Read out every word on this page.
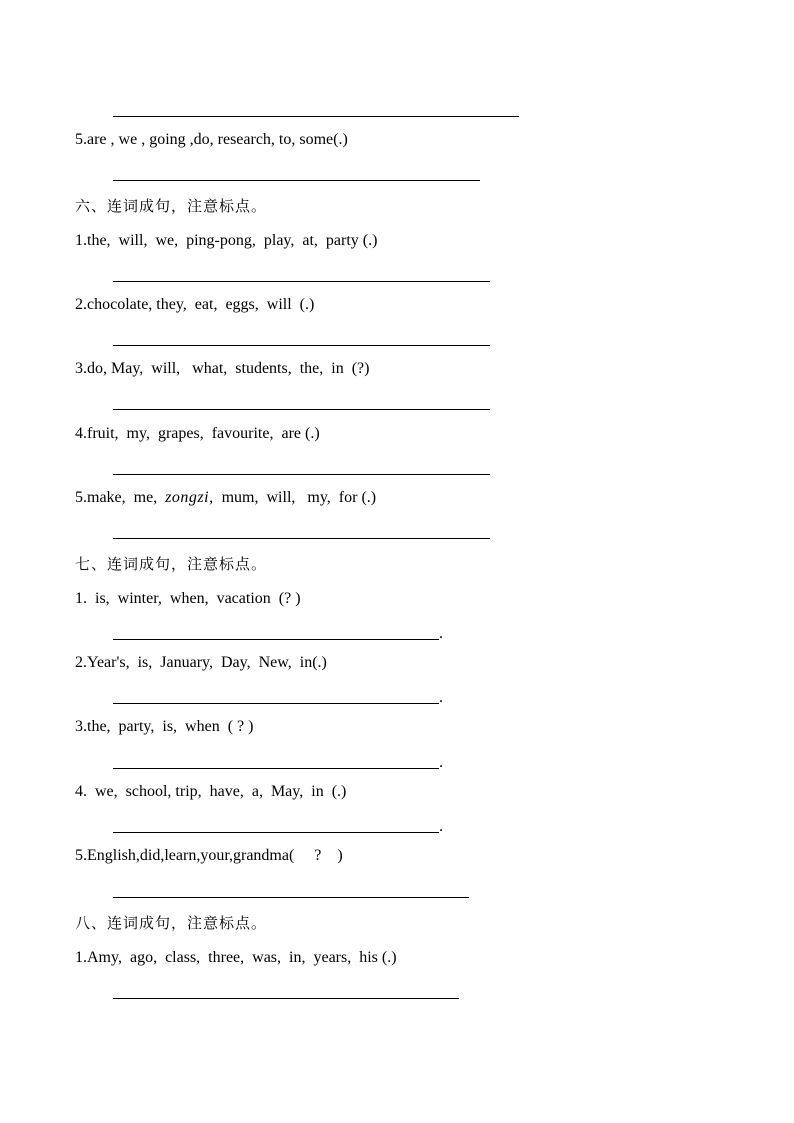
5.are , we , going ,do, research, to, some(.)
六、连词成句，注意标点。
1.the,  will,  we,  ping-pong,  play,  at,  party (.)
2.chocolate, they,  eat,  eggs,  will  (.)
3.do, May,  will,   what,  students,  the,  in  (?)
4.fruit,  my,  grapes,  favourite,  are (.)
5.make,  me,  zongzi,  mum,  will,   my,  for (.)
七、连词成句，注意标点。
1.  is,  winter,  when,  vacation  (? )
.
2.Year's,  is,  January,  Day,  New,  in(.)
.
3.the,  party,  is,  when  ( ? )
.
4.  we,  school, trip,  have,  a,  May,  in  (.)
.
5.English,did,learn,your,grandma(     ?    )
八、连词成句，注意标点。
1.Amy,  ago,  class,  three,  was,  in,  years,  his (.)
